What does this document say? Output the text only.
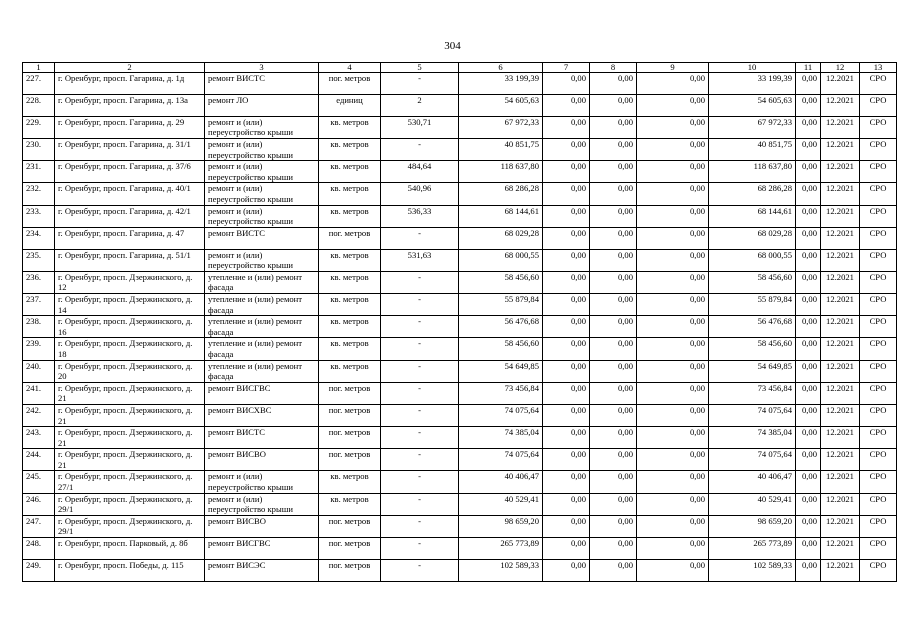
304
1	2	3	4	5	6	7	8	9	10	11	12	13
227.	г. Оренбург, просп. Гагарина, д. 1д	ремонт ВИСТС	пог. метров	-	33 199,39	0,00	0,00	0,00	33 199,39	0,00	12.2021	СРО
228.	г. Оренбург, просп. Гагарина, д. 13а	ремонт ЛО	единиц	2	54 605,63	0,00	0,00	0,00	54 605,63	0,00	12.2021	СРО
229.	г. Оренбург, просп. Гагарина, д. 29	ремонт и (или) переустройство крыши	кв. метров	530,71	67 972,33	0,00	0,00	0,00	67 972,33	0,00	12.2021	СРО
230.	г. Оренбург, просп. Гагарина, д. 31/1	ремонт и (или) переустройство крыши	кв. метров	-	40 851,75	0,00	0,00	0,00	40 851,75	0,00	12.2021	СРО
231.	г. Оренбург, просп. Гагарина, д. 37/6	ремонт и (или) переустройство крыши	кв. метров	484,64	118 637,80	0,00	0,00	0,00	118 637,80	0,00	12.2021	СРО
232.	г. Оренбург, просп. Гагарина, д. 40/1	ремонт и (или) переустройство крыши	кв. метров	540,96	68 286,28	0,00	0,00	0,00	68 286,28	0,00	12.2021	СРО
233.	г. Оренбург, просп. Гагарина, д. 42/1	ремонт и (или) переустройство крыши	кв. метров	536,33	68 144,61	0,00	0,00	0,00	68 144,61	0,00	12.2021	СРО
234.	г. Оренбург, просп. Гагарина, д. 47	ремонт ВИСТС	пог. метров	-	68 029,28	0,00	0,00	0,00	68 029,28	0,00	12.2021	СРО
235.	г. Оренбург, просп. Гагарина, д. 51/1	ремонт и (или) переустройство крыши	кв. метров	531,63	68 000,55	0,00	0,00	0,00	68 000,55	0,00	12.2021	СРО
236.	г. Оренбург, просп. Дзержинского, д. 12	утепление и (или) ремонт фасада	кв. метров	-	58 456,60	0,00	0,00	0,00	58 456,60	0,00	12.2021	СРО
237.	г. Оренбург, просп. Дзержинского, д. 14	утепление и (или) ремонт фасада	кв. метров	-	55 879,84	0,00	0,00	0,00	55 879,84	0,00	12.2021	СРО
238.	г. Оренбург, просп. Дзержинского, д. 16	утепление и (или) ремонт фасада	кв. метров	-	56 476,68	0,00	0,00	0,00	56 476,68	0,00	12.2021	СРО
239.	г. Оренбург, просп. Дзержинского, д. 18	утепление и (или) ремонт фасада	кв. метров	-	58 456,60	0,00	0,00	0,00	58 456,60	0,00	12.2021	СРО
240.	г. Оренбург, просп. Дзержинского, д. 20	утепление и (или) ремонт фасада	кв. метров	-	54 649,85	0,00	0,00	0,00	54 649,85	0,00	12.2021	СРО
241.	г. Оренбург, просп. Дзержинского, д. 21	ремонт ВИСГВС	пог. метров	-	73 456,84	0,00	0,00	0,00	73 456,84	0,00	12.2021	СРО
242.	г. Оренбург, просп. Дзержинского, д. 21	ремонт ВИСХВС	пог. метров	-	74 075,64	0,00	0,00	0,00	74 075,64	0,00	12.2021	СРО
243.	г. Оренбург, просп. Дзержинского, д. 21	ремонт ВИСТС	пог. метров	-	74 385,04	0,00	0,00	0,00	74 385,04	0,00	12.2021	СРО
244.	г. Оренбург, просп. Дзержинского, д. 21	ремонт ВИСВО	пог. метров	-	74 075,64	0,00	0,00	0,00	74 075,64	0,00	12.2021	СРО
245.	г. Оренбург, просп. Дзержинского, д. 27/1	ремонт и (или) переустройство крыши	кв. метров	-	40 406,47	0,00	0,00	0,00	40 406,47	0,00	12.2021	СРО
246.	г. Оренбург, просп. Дзержинского, д. 29/1	ремонт и (или) переустройство крыши	кв. метров	-	40 529,41	0,00	0,00	0,00	40 529,41	0,00	12.2021	СРО
247.	г. Оренбург, просп. Дзержинского, д. 29/1	ремонт ВИСВО	пог. метров	-	98 659,20	0,00	0,00	0,00	98 659,20	0,00	12.2021	СРО
248.	г. Оренбург, просп. Парковый, д. 8б	ремонт ВИСГВС	пог. метров	-	265 773,89	0,00	0,00	0,00	265 773,89	0,00	12.2021	СРО
249.	г. Оренбург, просп. Победы, д. 115	ремонт ВИСЭС	пог. метров	-	102 589,33	0,00	0,00	0,00	102 589,33	0,00	12.2021	СРО
